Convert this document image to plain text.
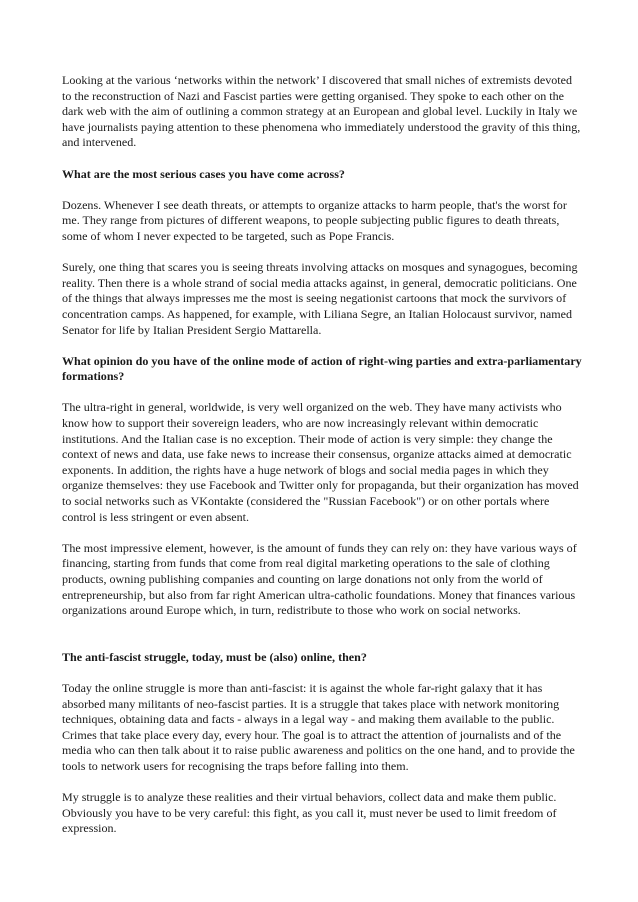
Looking at the various ‘networks within the network’ I discovered that small niches of extremists devoted to the reconstruction of Nazi and Fascist parties were getting organised. They spoke to each other on the dark web with the aim of outlining a common strategy at an European and global level. Luckily in Italy we have journalists paying attention to these phenomena who immediately understood the gravity of this thing, and intervened.

What are the most serious cases you have come across?

Dozens. Whenever I see death threats, or attempts to organize attacks to harm people, that's the worst for me. They range from pictures of different weapons, to people subjecting public figures to death threats, some of whom I never expected to be targeted, such as Pope Francis.

Surely, one thing that scares you is seeing threats involving attacks on mosques and synagogues, becoming reality. Then there is a whole strand of social media attacks against, in general, democratic politicians. One of the things that always impresses me the most is seeing negationist cartoons that mock the survivors of concentration camps. As happened, for example, with Liliana Segre, an Italian Holocaust survivor, named Senator for life by Italian President Sergio Mattarella.

What opinion do you have of the online mode of action of right-wing parties and extra-parliamentary formations?

The ultra-right in general, worldwide, is very well organized on the web. They have many activists who know how to support their sovereign leaders, who are now increasingly relevant within democratic institutions. And the Italian case is no exception. Their mode of action is very simple: they change the context of news and data, use fake news to increase their consensus, organize attacks aimed at democratic exponents. In addition, the rights have a huge network of blogs and social media pages in which they organize themselves: they use Facebook and Twitter only for propaganda, but their organization has moved to social networks such as VKontakte (considered the "Russian Facebook") or on other portals where control is less stringent or even absent.

The most impressive element, however, is the amount of funds they can rely on: they have various ways of financing, starting from funds that come from real digital marketing operations to the sale of clothing products, owning publishing companies and counting on large donations not only from the world of entrepreneurship, but also from far right American ultra-catholic foundations. Money that finances various organizations around Europe which, in turn, redistribute to those who work on social networks.

The anti-fascist struggle, today, must be (also) online, then?

Today the online struggle is more than anti-fascist: it is against the whole far-right galaxy that it has absorbed many militants of neo-fascist parties. It is a struggle that takes place with network monitoring techniques, obtaining data and facts - always in a legal way - and making them available to the public. Crimes that take place every day, every hour. The goal is to attract the attention of journalists and of the media who can then talk about it to raise public awareness and politics on the one hand, and to provide the tools to network users for recognising the traps before falling into them.

My struggle is to analyze these realities and their virtual behaviors, collect data and make them public. Obviously you have to be very careful: this fight, as you call it, must never be used to limit freedom of expression.
